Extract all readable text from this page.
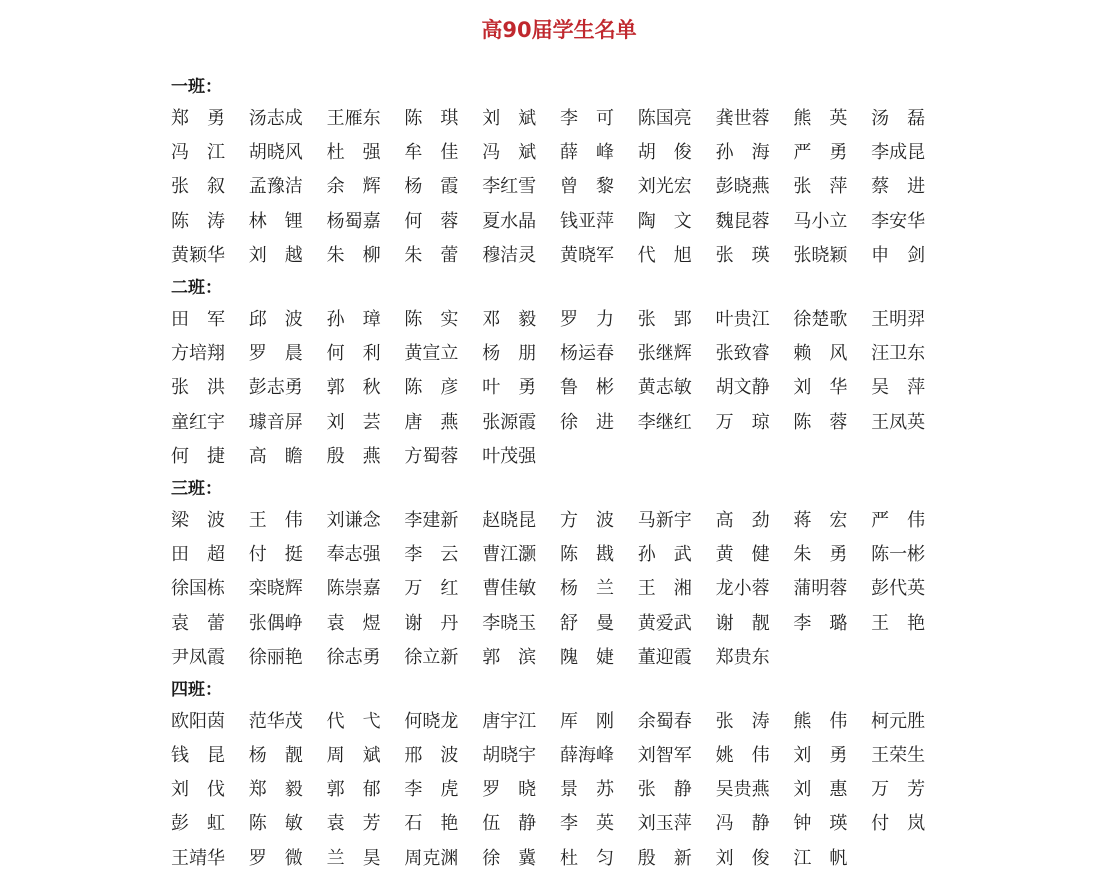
高90届学生名单
一班：
郑　勇	汤志成	王雁东	陈　琪	刘　斌	李　可	陈国亮	龚世蓉	熊　英	汤　磊
冯　江	胡晓风	杜　强	牟　佳	冯　斌	薛　峰	胡　俊	孙　海	严　勇	李成昆
张　叙	孟豫洁	余　辉	杨　霞	李红雪	曾　黎	刘光宏	彭晓燕	张　萍	蔡　进
陈　涛	林　锂	杨蜀嘉	何　蓉	夏水晶	钱亚萍	陶　文	魏昆蓉	马小立	李安华
黄颖华	刘　越	朱　柳	朱　蕾	穆洁灵	黄晓军	代　旭	张　瑛	张晓颖	申　剑
二班：
田　军	邱　波	孙　璋	陈　实	邓　毅	罗　力	张　郢	叶贵江	徐楚歌	王明羿
方培翔	罗　晨	何　利	黄宣立	杨　朋	杨运春	张继辉	张致睿	赖　风	汪卫东
张　洪	彭志勇	郭　秋	陈　彦	叶　勇	鲁　彬	黄志敏	胡文静	刘　华	吴　萍
童红宇	璩音屏	刘　芸	唐　燕	张源霞	徐　进	李继红	万　琼	陈　蓉	王凤英
何　捷	高　瞻	殷　燕	方蜀蓉	叶茂强
三班：
梁　波	王　伟	刘谦念	李建新	赵晓昆	方　波	马新宇	高　劲	蒋　宏	严　伟
田　超	付　挺	奉志强	李　云	曹江灏	陈　戡	孙　武	黄　健	朱　勇	陈一彬
徐国栋	栾晓辉	陈崇嘉	万　红	曹佳敏	杨　兰	王　湘	龙小蓉	蒲明蓉	彭代英
袁　蕾	张偶峥	袁　煜	谢　丹	李晓玉	舒　曼	黄爱武	谢　靓	李　璐	王　艳
尹凤霞	徐丽艳	徐志勇	徐立新	郭　滨	隗　婕	董迎霞	郑贵东
四班：
欧阳茵	范华茂	代　弋	何晓龙	唐宇江	厍　刚	余蜀春	张　涛	熊　伟	柯元胜
钱　昆	杨　靓	周　斌	邢　波	胡晓宇	薛海峰	刘智军	姚　伟	刘　勇	王荣生
刘　伐	郑　毅	郭　郁	李　虎	罗　晓	景　苏	张　静	吴贵燕	刘　惠	万　芳
彭　虹	陈　敏	袁　芳	石　艳	伍　静	李　英	刘玉萍	冯　静	钟　瑛	付　岚
王靖华	罗　微	兰　昊	周克渊	徐　冀	杜　匀	殷　新	刘　俊	江　帆
